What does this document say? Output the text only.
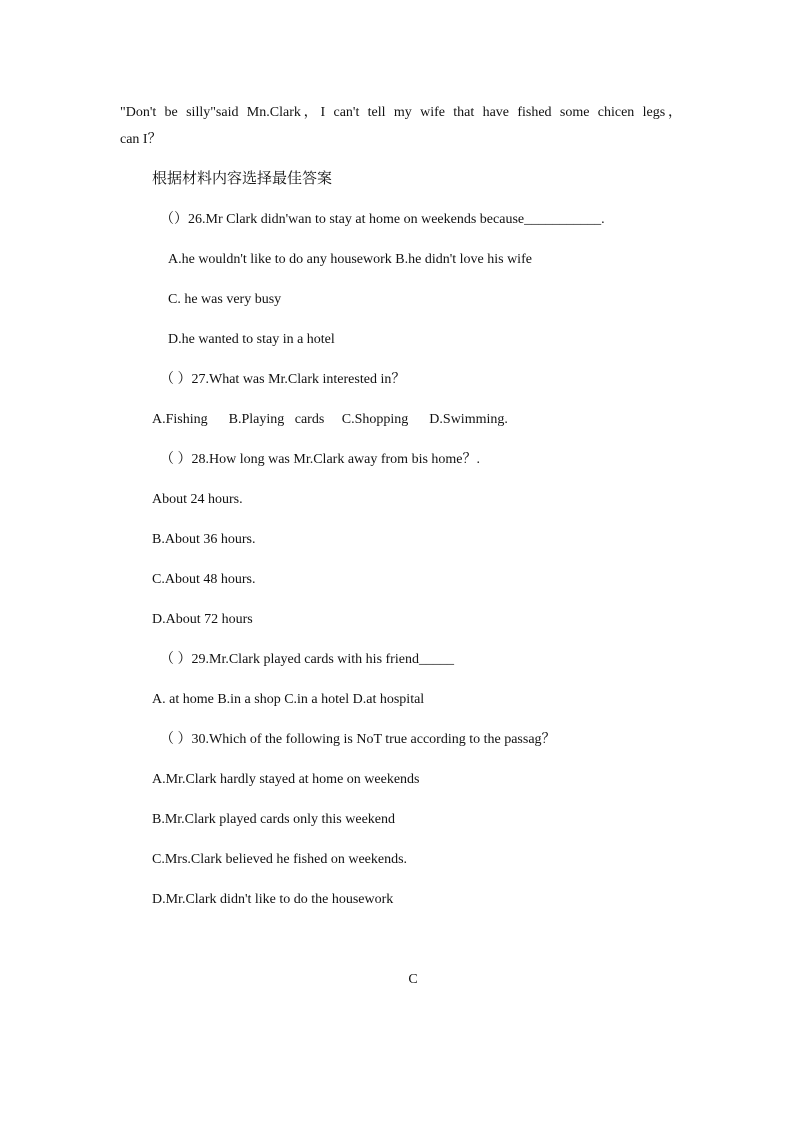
"Don't be silly"said Mn.Clark，I can't tell my wife that have fished some chicen legs，
can I？
根据材料内容选择最佳答案
（）26.Mr Clark didn'wan to stay at home on weekends because___________.
A.he wouldn't like to do any housework B.he didn't love his wife
C. he was very busy
D.he wanted to stay in a hotel
（ ）27.What was Mr.Clark interested in？
A.Fishing      B.Playing   cards     C.Shopping      D.Swimming.
（ ）28.How long was Mr.Clark away from bis home？.
About 24 hours.
B.About 36 hours.
C.About 48 hours.
D.About 72 hours
（ ）29.Mr.Clark played cards with his friend_____
A. at home B.in a shop C.in a hotel D.at hospital
（ ）30.Which of the following is NoT true according to the passag？
A.Mr.Clark hardly stayed at home on weekends
B.Mr.Clark played cards only this weekend
C.Mrs.Clark believed he fished on weekends.
D.Mr.Clark didn't like to do the housework
C
